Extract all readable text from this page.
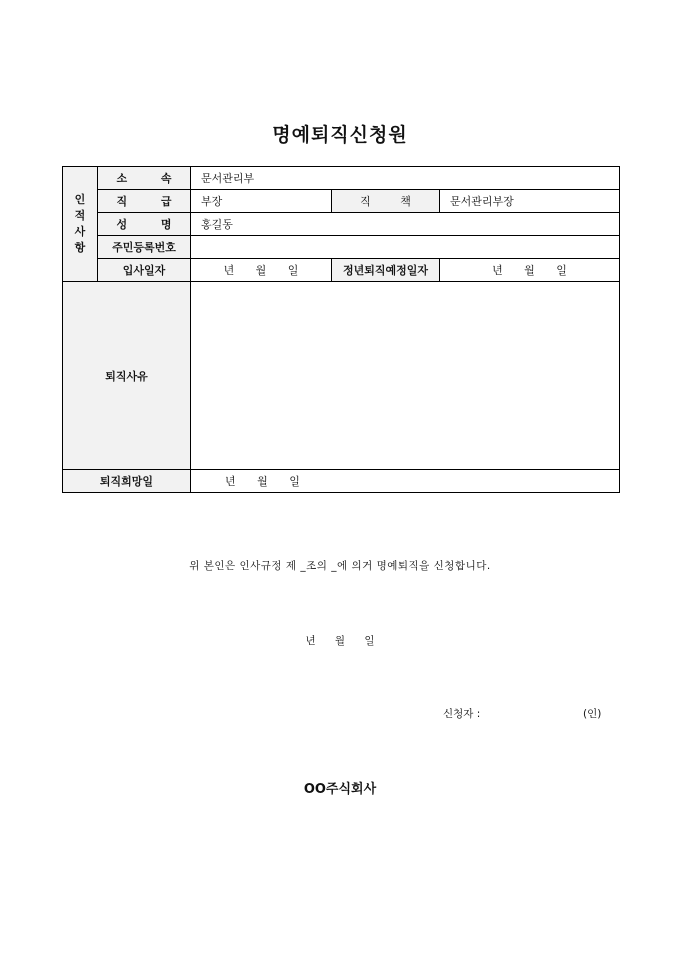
명예퇴직신청원
인
적
사
항	소 속	문서관리부		
	직 급	부장	직 책	문서관리부장
	성 명	홍길동		
	주민등록번호			
	입사일자	년 월 일	정년퇴직예정일자	년 월 일
퇴직사유				
퇴직희망일		년 월 일		
위 본인은 인사규정 제 _조의 _에 의거 명예퇴직을 신청합니다.
년 월 일
신청자 :	(인)
OO주식회사
